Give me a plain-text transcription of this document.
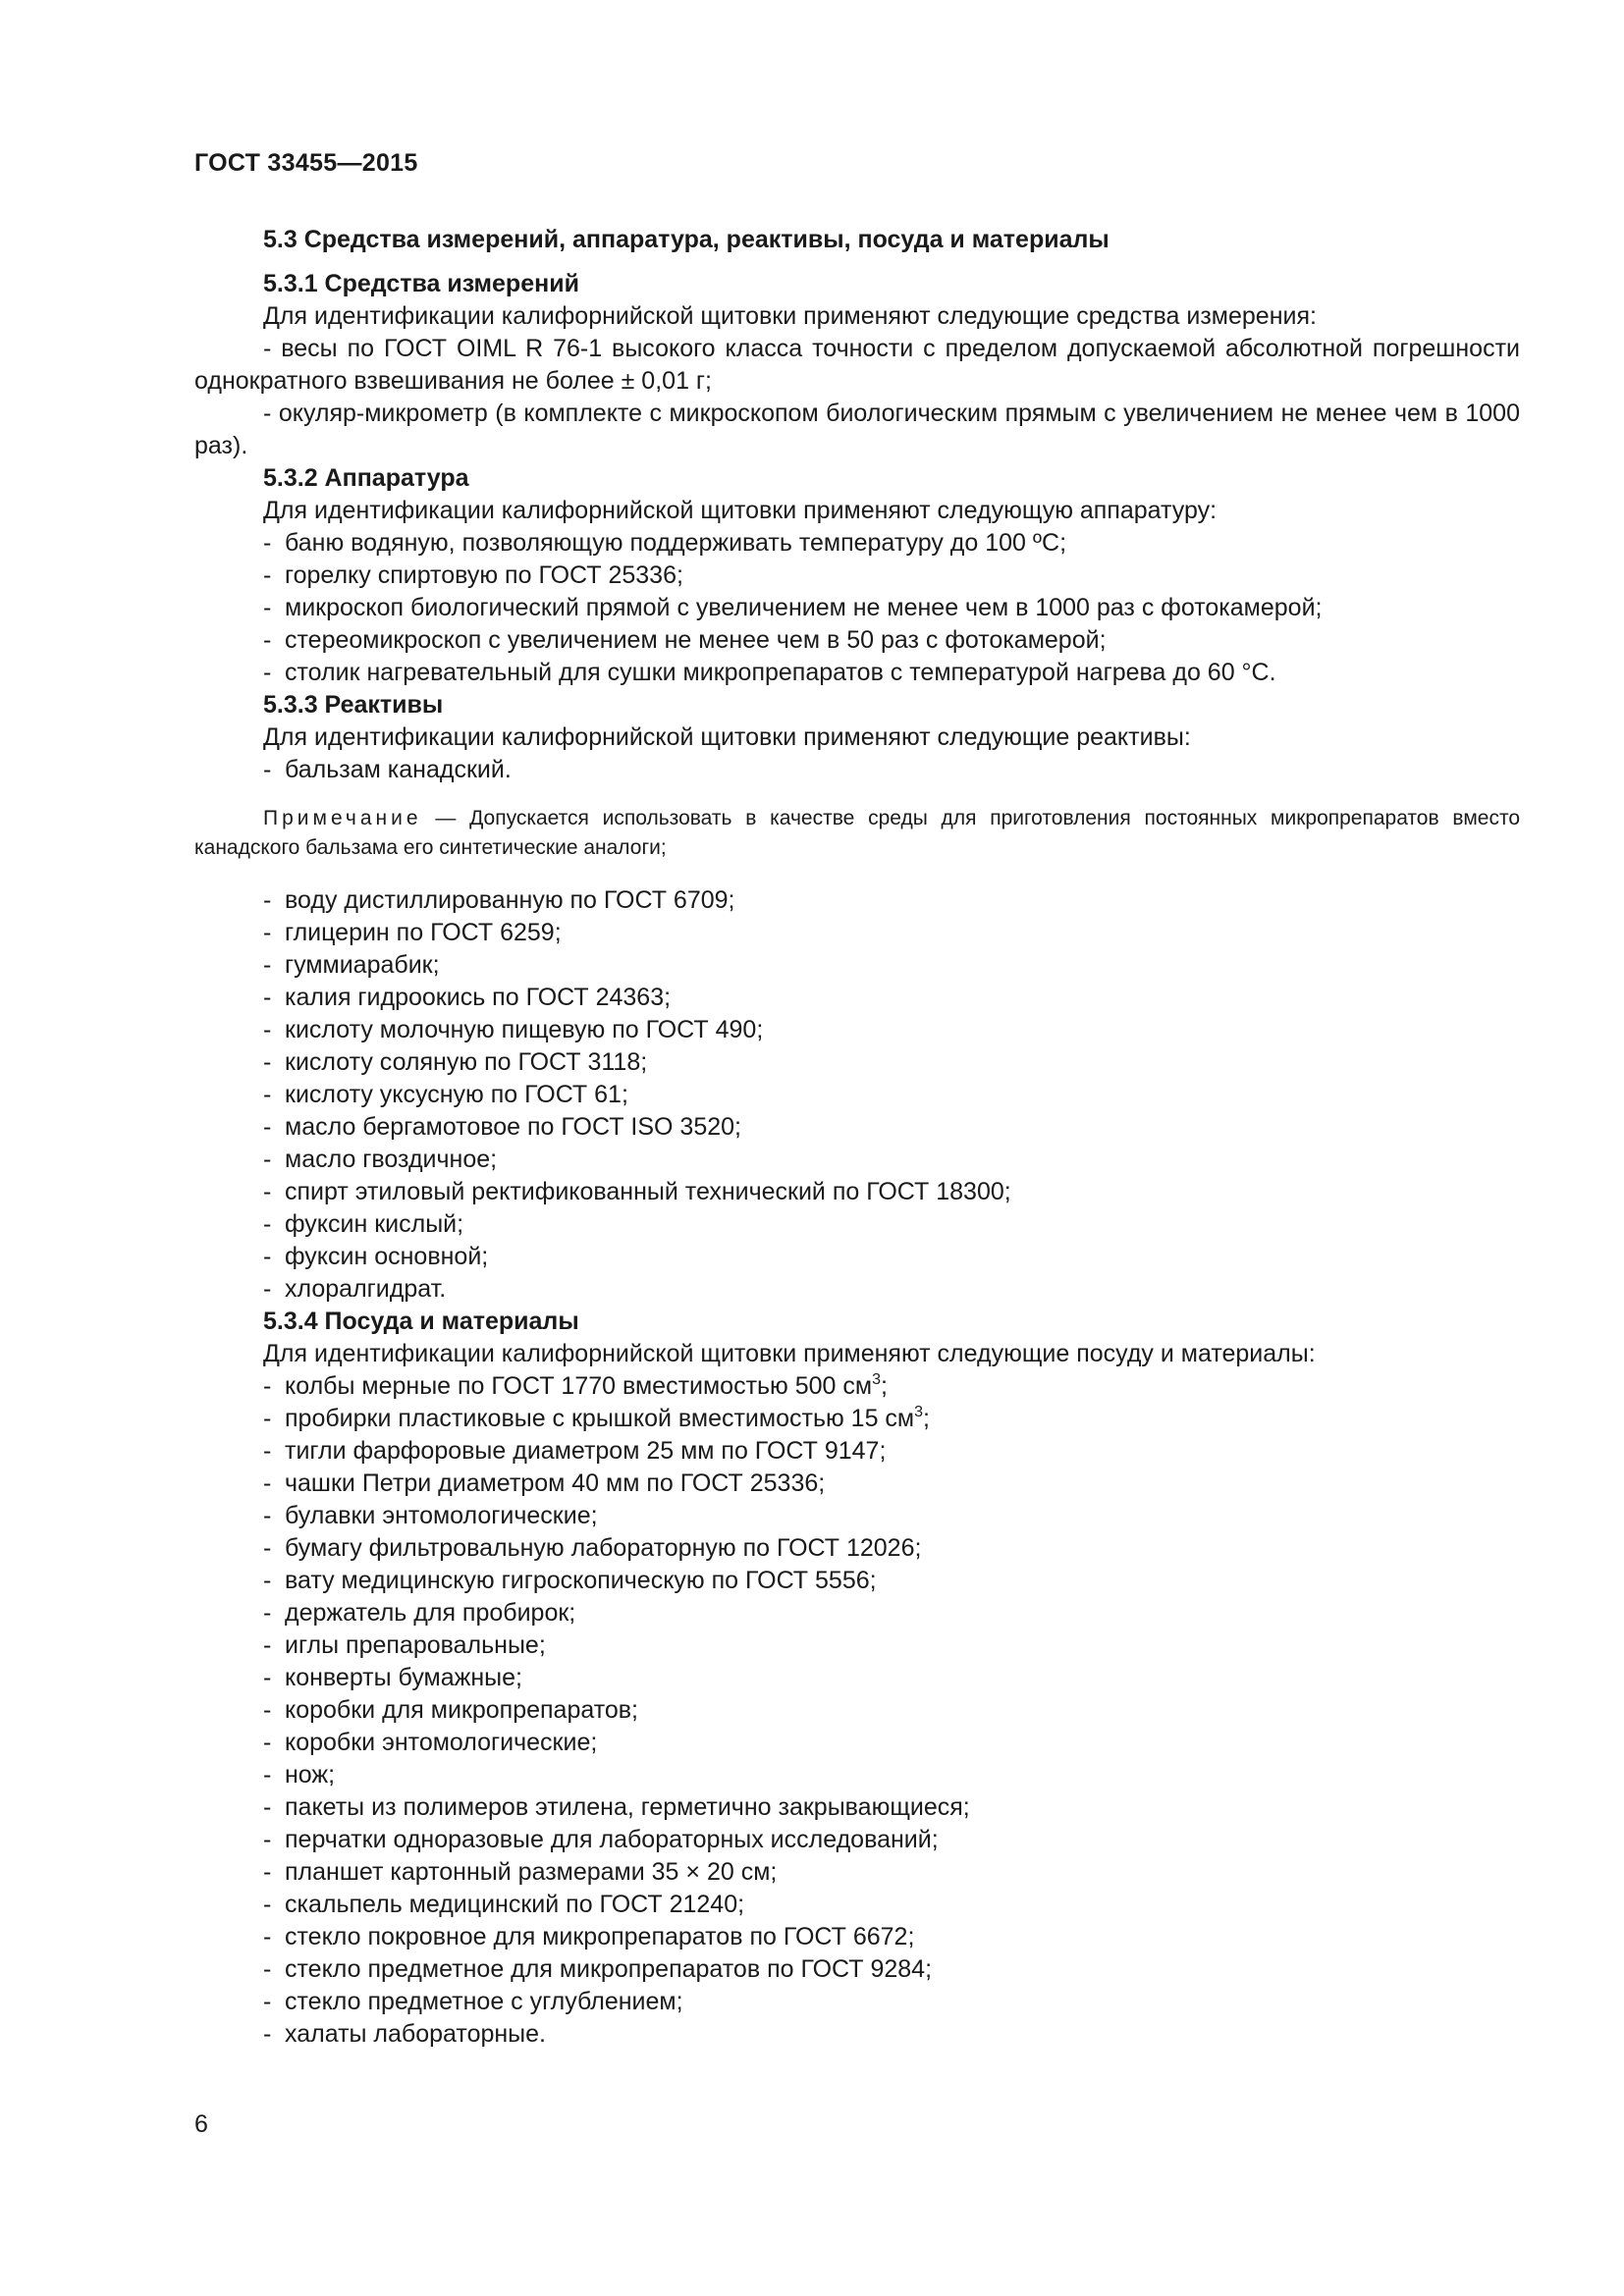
ГОСТ 33455—2015
5.3 Средства измерений, аппаратура, реактивы, посуда и материалы
5.3.1 Средства измерений
Для идентификации калифорнийской щитовки применяют следующие средства измерения:
- весы по ГОСТ OIML R 76-1 высокого класса точности с пределом допускаемой абсолютной погрешности однократного взвешивания не более ± 0,01 г;
- окуляр-микрометр (в комплекте с микроскопом биологическим прямым с увеличением не менее чем в 1000 раз).
5.3.2 Аппаратура
Для идентификации калифорнийской щитовки применяют следующую аппаратуру:
- баню водяную, позволяющую поддерживать температуру до 100 ºС;
- горелку спиртовую по ГОСТ 25336;
- микроскоп биологический прямой с увеличением не менее чем в 1000 раз с фотокамерой;
- стереомикроскоп с увеличением не менее чем в 50 раз с фотокамерой;
- столик нагревательный для сушки микропрепаратов с температурой нагрева до 60 °С.
5.3.3 Реактивы
Для идентификации калифорнийской щитовки применяют следующие реактивы:
- бальзам канадский.
Примечание — Допускается использовать в качестве среды для приготовления постоянных микропрепаратов вместо канадского бальзама его синтетические аналоги;
- воду дистиллированную по ГОСТ 6709;
- глицерин по ГОСТ 6259;
- гуммиарабик;
- калия гидроокись по ГОСТ 24363;
- кислоту молочную пищевую по ГОСТ 490;
- кислоту соляную по ГОСТ 3118;
- кислоту уксусную по ГОСТ 61;
- масло бергамотовое по ГОСТ ISO 3520;
- масло гвоздичное;
- спирт этиловый ректификованный технический по ГОСТ 18300;
- фуксин кислый;
- фуксин основной;
- хлоралгидрат.
5.3.4 Посуда и материалы
Для идентификации калифорнийской щитовки применяют следующие посуду и материалы:
- колбы мерные по ГОСТ 1770 вместимостью 500 $см^3$;
- пробирки пластиковые с крышкой вместимостью 15 $см^3$;
- тигли фарфоровые диаметром 25 мм по ГОСТ 9147;
- чашки Петри диаметром 40 мм по ГОСТ 25336;
- булавки энтомологические;
- бумагу фильтровальную лабораторную по ГОСТ 12026;
- вату медицинскую гигроскопическую по ГОСТ 5556;
- держатель для пробирок;
- иглы препаровальные;
- конверты бумажные;
- коробки для микропрепаратов;
- коробки энтомологические;
- нож;
- пакеты из полимеров этилена, герметично закрывающиеся;
- перчатки одноразовые для лабораторных исследований;
- планшет картонный размерами 35 × 20 см;
- скальпель медицинский по ГОСТ 21240;
- стекло покровное для микропрепаратов по ГОСТ 6672;
- стекло предметное для микропрепаратов по ГОСТ 9284;
- стекло предметное с углублением;
- халаты лабораторные.
6
